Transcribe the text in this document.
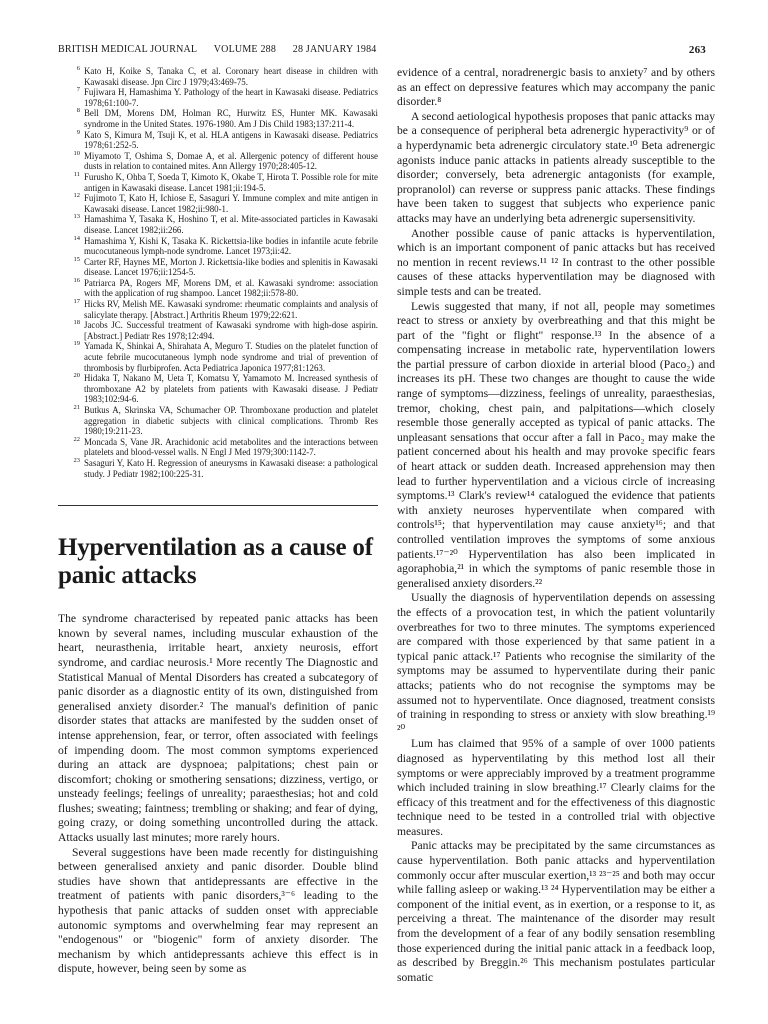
BRITISH MEDICAL JOURNAL VOLUME 288 28 JANUARY 1984	263
6 Kato H, Koike S, Tanaka C, et al. Coronary heart disease in children with Kawasaki disease. Jpn Circ J 1979;43:469-75.
7 Fujiwara H, Hamashima Y. Pathology of the heart in Kawasaki disease. Pediatrics 1978;61:100-7.
8 Bell DM, Morens DM, Holman RC, Hurwitz ES, Hunter MK. Kawasaki syndrome in the United States. 1976-1980. Am J Dis Child 1983;137:211-4.
9 Kato S, Kimura M, Tsuji K, et al. HLA antigens in Kawasaki disease. Pediatrics 1978;61:252-5.
10 Miyamoto T, Oshima S, Domae A, et al. Allergenic potency of different house dusts in relation to contained mites. Ann Allergy 1970;28:405-12.
11 Furusho K, Ohba T, Soeda T, Kimoto K, Okabe T, Hirota T. Possible role for mite antigen in Kawasaki disease. Lancet 1981;ii:194-5.
12 Fujimoto T, Kato H, Ichiose E, Sasaguri Y. Immune complex and mite antigen in Kawasaki disease. Lancet 1982;ii:980-1.
13 Hamashima Y, Tasaka K, Hoshino T, et al. Mite-associated particles in Kawasaki disease. Lancet 1982;ii:266.
14 Hamashima Y, Kishi K, Tasaka K. Rickettsia-like bodies in infantile acute febrile mucocutaneous lymph-node syndrome. Lancet 1973;ii:42.
15 Carter RF, Haynes ME, Morton J. Rickettsia-like bodies and splenitis in Kawasaki disease. Lancet 1976;ii:1254-5.
16 Patriarca PA, Rogers MF, Morens DM, et al. Kawasaki syndrome: association with the application of rug shampoo. Lancet 1982;ii:578-80.
17 Hicks RV, Melish ME. Kawasaki syndrome: rheumatic complaints and analysis of salicylate therapy. [Abstract.] Arthritis Rheum 1979;22:621.
18 Jacobs JC. Successful treatment of Kawasaki syndrome with high-dose aspirin. [Abstract.] Pediatr Res 1978;12:494.
19 Yamada K, Shinkai A, Shirahata A, Meguro T. Studies on the platelet function of acute febrile mucocutaneous lymph node syndrome and trial of prevention of thrombosis by flurbiprofen. Acta Pediatrica Japonica 1977;81:1263.
20 Hidaka T, Nakano M, Ueta T, Komatsu Y, Yamamoto M. Increased synthesis of thromboxane A2 by platelets from patients with Kawasaki disease. J Pediatr 1983;102:94-6.
21 Butkus A, Skrinska VA, Schumacher OP. Thromboxane production and platelet aggregation in diabetic subjects with clinical complications. Thromb Res 1980;19:211-23.
22 Moncada S, Vane JR. Arachidonic acid metabolites and the interactions between platelets and blood-vessel walls. N Engl J Med 1979;300:1142-7.
23 Sasaguri Y, Kato H. Regression of aneurysms in Kawasaki disease: a pathological study. J Pediatr 1982;100:225-31.
Hyperventilation as a cause of panic attacks

The syndrome characterised by repeated panic attacks has been known by several names, including muscular exhaustion of the heart, neurasthenia, irritable heart, anxiety neurosis, effort syndrome, and cardiac neurosis.¹ More recently The Diagnostic and Statistical Manual of Mental Disorders has created a subcategory of panic disorder as a diagnostic entity of its own, distinguished from generalised anxiety disorder.² The manual's definition of panic disorder states that attacks are manifested by the sudden onset of intense apprehension, fear, or terror, often associated with feelings of impending doom. The most common symptoms experienced during an attack are dyspnoea; palpitations; chest pain or discomfort; choking or smothering sensations; dizziness, vertigo, or unsteady feelings; feelings of unreality; paraesthesias; hot and cold flushes; sweating; faintness; trembling or shaking; and fear of dying, going crazy, or doing something uncontrolled during the attack. Attacks usually last minutes; more rarely hours.

Several suggestions have been made recently for distinguishing between generalised anxiety and panic disorder. Double blind studies have shown that antidepressants are effective in the treatment of patients with panic disorders,³⁻⁶ leading to the hypothesis that panic attacks of sudden onset with appreciable autonomic symptoms and overwhelming fear may represent an "endogenous" or "biogenic" form of anxiety disorder. The mechanism by which antidepressants achieve this effect is in dispute, however, being seen by some as

evidence of a central, noradrenergic basis to anxiety⁷ and by others as an effect on depressive features which may accompany the panic disorder.⁸

A second aetiological hypothesis proposes that panic attacks may be a consequence of peripheral beta adrenergic hyperactivity⁹ or of a hyperdynamic beta adrenergic circulatory state.¹⁰ Beta adrenergic agonists induce panic attacks in patients already susceptible to the disorder; conversely, beta adrenergic antagonists (for example, propranolol) can reverse or suppress panic attacks. These findings have been taken to suggest that subjects who experience panic attacks may have an underlying beta adrenergic supersensitivity.

Another possible cause of panic attacks is hyperventilation, which is an important component of panic attacks but has received no mention in recent reviews.¹¹ ¹² In contrast to the other possible causes of these attacks hyperventilation may be diagnosed with simple tests and can be treated.

Lewis suggested that many, if not all, people may sometimes react to stress or anxiety by overbreathing and that this might be part of the "fight or flight" response.¹³ In the absence of a compensating increase in metabolic rate, hyperventilation lowers the partial pressure of carbon dioxide in arterial blood (Paco₂) and increases its pH. These two changes are thought to cause the wide range of symptoms—dizziness, feelings of unreality, paraesthesias, tremor, choking, chest pain, and palpitations—which closely resemble those generally accepted as typical of panic attacks. The unpleasant sensations that occur after a fall in Paco₂ may make the patient concerned about his health and may provoke specific fears of heart attack or sudden death. Increased apprehension may then lead to further hyperventilation and a vicious circle of increasing symptoms.¹³ Clark's review¹⁴ catalogued the evidence that patients with anxiety neuroses hyperventilate when compared with controls¹⁵; that hyperventilation may cause anxiety¹⁶; and that controlled ventilation improves the symptoms of some anxious patients.¹⁷⁻²⁰ Hyperventilation has also been implicated in agoraphobia,²¹ in which the symptoms of panic resemble those in generalised anxiety disorders.²²

Usually the diagnosis of hyperventilation depends on assessing the effects of a provocation test, in which the patient voluntarily overbreathes for two to three minutes. The symptoms experienced are compared with those experienced by that same patient in a typical panic attack.¹⁷ Patients who recognise the similarity of the symptoms may be assumed to hyperventilate during their panic attacks; patients who do not recognise the symptoms may be assumed not to hyperventilate. Once diagnosed, treatment consists of training in responding to stress or anxiety with slow breathing.¹⁹ ²⁰

Lum has claimed that 95% of a sample of over 1000 patients diagnosed as hyperventilating by this method lost all their symptoms or were appreciably improved by a treatment programme which included training in slow breathing.¹⁷ Clearly claims for the efficacy of this treatment and for the effectiveness of this diagnostic technique need to be tested in a controlled trial with objective measures.

Panic attacks may be precipitated by the same circumstances as cause hyperventilation. Both panic attacks and hyperventilation commonly occur after muscular exertion,¹³ ²³⁻²⁵ and both may occur while falling asleep or waking.¹³ ²⁴ Hyperventilation may be either a component of the initial event, as in exertion, or a response to it, as perceiving a threat. The maintenance of the disorder may result from the development of a fear of any bodily sensation resembling those experienced during the initial panic attack in a feedback loop, as described by Breggin.²⁶ This mechanism postulates particular somatic
